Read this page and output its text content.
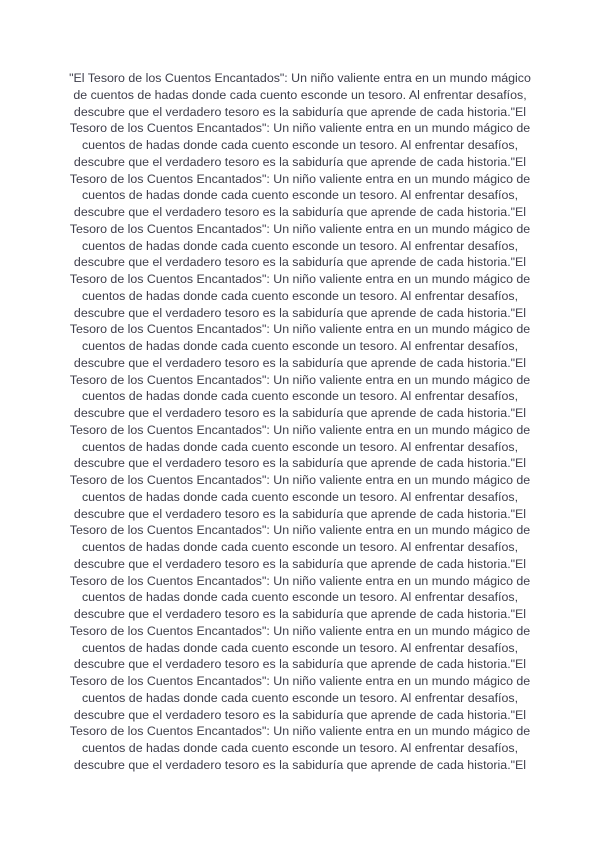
"El Tesoro de los Cuentos Encantados": Un niño valiente entra en un mundo mágico
de cuentos de hadas donde cada cuento esconde un tesoro. Al enfrentar desafíos,
descubre que el verdadero tesoro es la sabiduría que aprende de cada historia."El
Tesoro de los Cuentos Encantados": Un niño valiente entra en un mundo mágico de
cuentos de hadas donde cada cuento esconde un tesoro. Al enfrentar desafíos,
descubre que el verdadero tesoro es la sabiduría que aprende de cada historia."El
Tesoro de los Cuentos Encantados": Un niño valiente entra en un mundo mágico de
cuentos de hadas donde cada cuento esconde un tesoro. Al enfrentar desafíos,
descubre que el verdadero tesoro es la sabiduría que aprende de cada historia."El
Tesoro de los Cuentos Encantados": Un niño valiente entra en un mundo mágico de
cuentos de hadas donde cada cuento esconde un tesoro. Al enfrentar desafíos,
descubre que el verdadero tesoro es la sabiduría que aprende de cada historia."El
Tesoro de los Cuentos Encantados": Un niño valiente entra en un mundo mágico de
cuentos de hadas donde cada cuento esconde un tesoro. Al enfrentar desafíos,
descubre que el verdadero tesoro es la sabiduría que aprende de cada historia."El
Tesoro de los Cuentos Encantados": Un niño valiente entra en un mundo mágico de
cuentos de hadas donde cada cuento esconde un tesoro. Al enfrentar desafíos,
descubre que el verdadero tesoro es la sabiduría que aprende de cada historia."El
Tesoro de los Cuentos Encantados": Un niño valiente entra en un mundo mágico de
cuentos de hadas donde cada cuento esconde un tesoro. Al enfrentar desafíos,
descubre que el verdadero tesoro es la sabiduría que aprende de cada historia."El
Tesoro de los Cuentos Encantados": Un niño valiente entra en un mundo mágico de
cuentos de hadas donde cada cuento esconde un tesoro. Al enfrentar desafíos,
descubre que el verdadero tesoro es la sabiduría que aprende de cada historia."El
Tesoro de los Cuentos Encantados": Un niño valiente entra en un mundo mágico de
cuentos de hadas donde cada cuento esconde un tesoro. Al enfrentar desafíos,
descubre que el verdadero tesoro es la sabiduría que aprende de cada historia."El
Tesoro de los Cuentos Encantados": Un niño valiente entra en un mundo mágico de
cuentos de hadas donde cada cuento esconde un tesoro. Al enfrentar desafíos,
descubre que el verdadero tesoro es la sabiduría que aprende de cada historia."El
Tesoro de los Cuentos Encantados": Un niño valiente entra en un mundo mágico de
cuentos de hadas donde cada cuento esconde un tesoro. Al enfrentar desafíos,
descubre que el verdadero tesoro es la sabiduría que aprende de cada historia."El
Tesoro de los Cuentos Encantados": Un niño valiente entra en un mundo mágico de
cuentos de hadas donde cada cuento esconde un tesoro. Al enfrentar desafíos,
descubre que el verdadero tesoro es la sabiduría que aprende de cada historia."El
Tesoro de los Cuentos Encantados": Un niño valiente entra en un mundo mágico de
cuentos de hadas donde cada cuento esconde un tesoro. Al enfrentar desafíos,
descubre que el verdadero tesoro es la sabiduría que aprende de cada historia."El
Tesoro de los Cuentos Encantados": Un niño valiente entra en un mundo mágico de
cuentos de hadas donde cada cuento esconde un tesoro. Al enfrentar desafíos,
descubre que el verdadero tesoro es la sabiduría que aprende de cada historia."El
